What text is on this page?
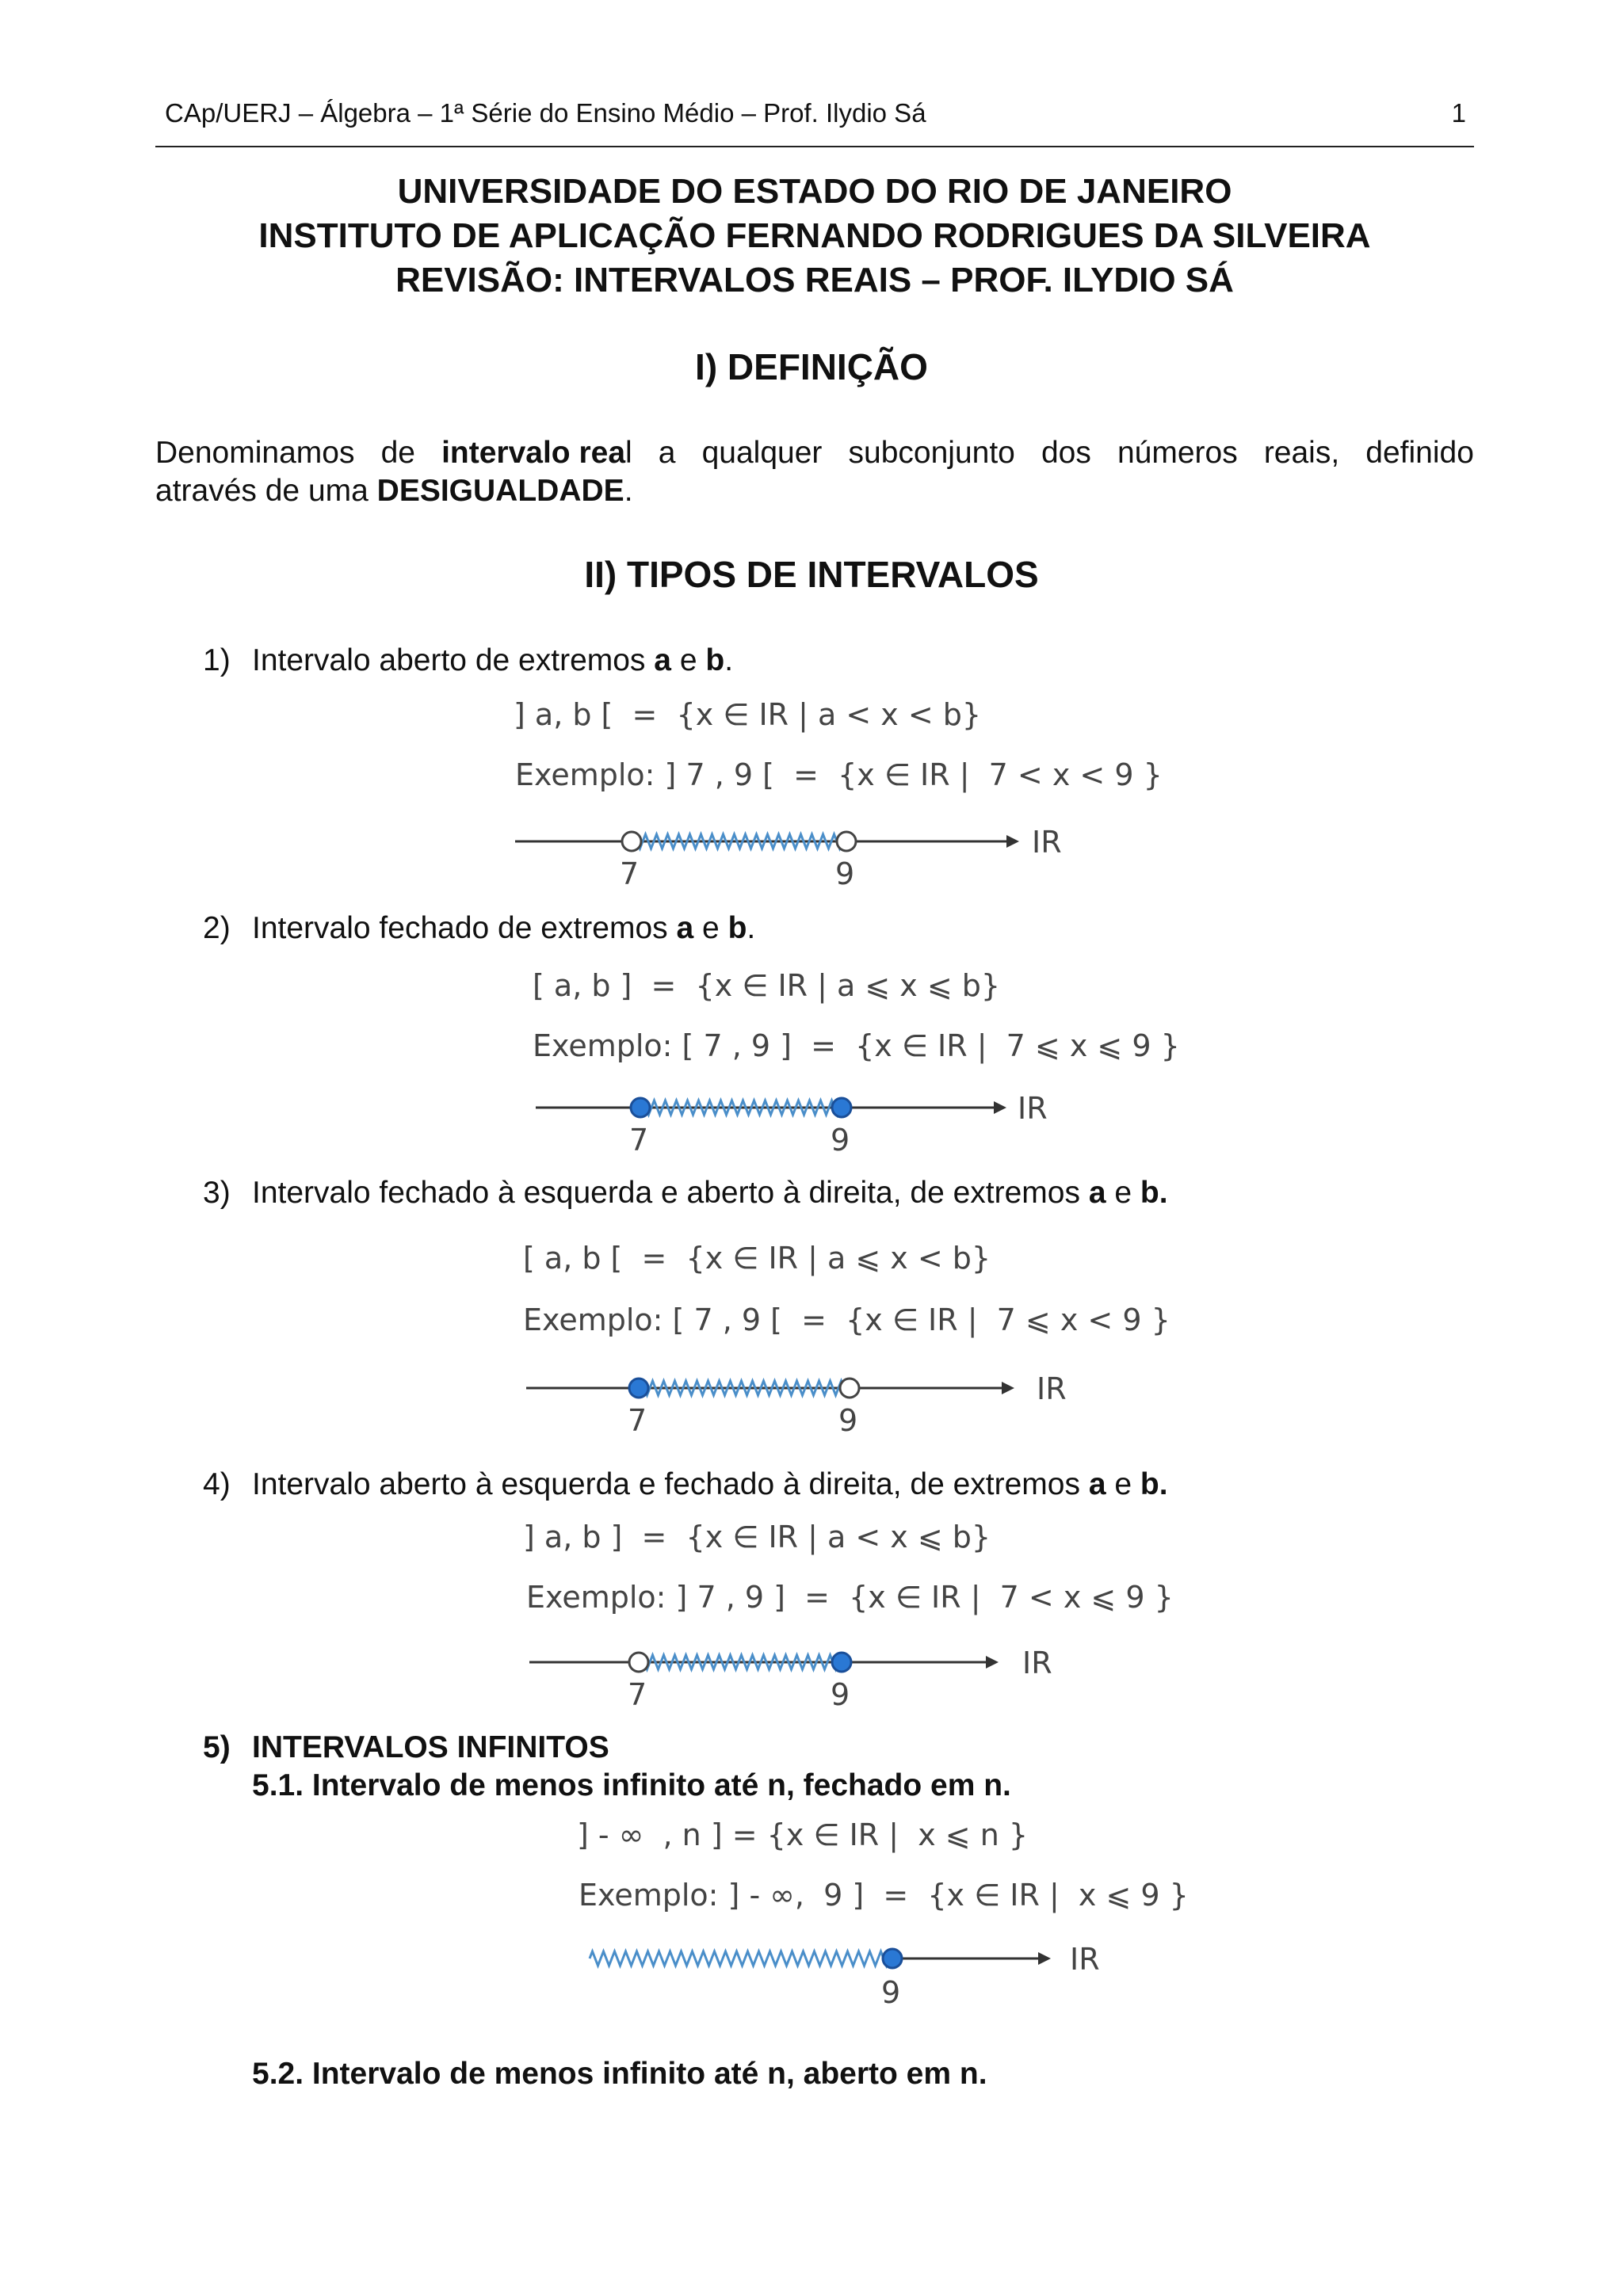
CAp/UERJ – Álgebra – 1ª Série do Ensino Médio – Prof. Ilydio Sá	1
UNIVERSIDADE DO ESTADO DO RIO DE JANEIRO
INSTITUTO DE APLICAÇÃO FERNANDO RODRIGUES DA SILVEIRA
REVISÃO: INTERVALOS REAIS – PROF. ILYDIO SÁ
I) DEFINIÇÃO
Denominamos de intervalo real a qualquer subconjunto dos números reais, definido
através de uma DESIGUALDADE.
II) TIPOS DE INTERVALOS
1) Intervalo aberto de extremos a e b.
] a, b [  =  {x ∈ IR | a < x < b}
Exemplo: ] 7 , 9 [  =  {x ∈ IR |  7 < x < 9 }
7	9
IR
2) Intervalo fechado de extremos a e b.
[ a, b ]  =  {x ∈ IR | a ⩽ x ⩽ b}
Exemplo: [ 7 , 9 ]  =  {x ∈ IR |  7 ⩽ x ⩽ 9 }
7	9
IR
3) Intervalo fechado à esquerda e aberto à direita, de extremos a e b.
[ a, b [  =  {x ∈ IR | a ⩽ x < b}
Exemplo: [ 7 , 9 [  =  {x ∈ IR |  7 ⩽ x < 9 }
7	9
IR
4) Intervalo aberto à esquerda e fechado à direita, de extremos a e b.
] a, b ]  =  {x ∈ IR | a < x ⩽ b}
Exemplo: ] 7 , 9 ]  =  {x ∈ IR |  7 < x ⩽ 9 }
7	9
IR
5) INTERVALOS INFINITOS
5.1. Intervalo de menos infinito até n, fechado em n.
] - ∞  , n ] = {x ∈ IR |  x ⩽ n }
Exemplo: ] - ∞,  9 ]  =  {x ∈ IR |  x ⩽ 9 }
9
IR
5.2. Intervalo de menos infinito até n, aberto em n.
